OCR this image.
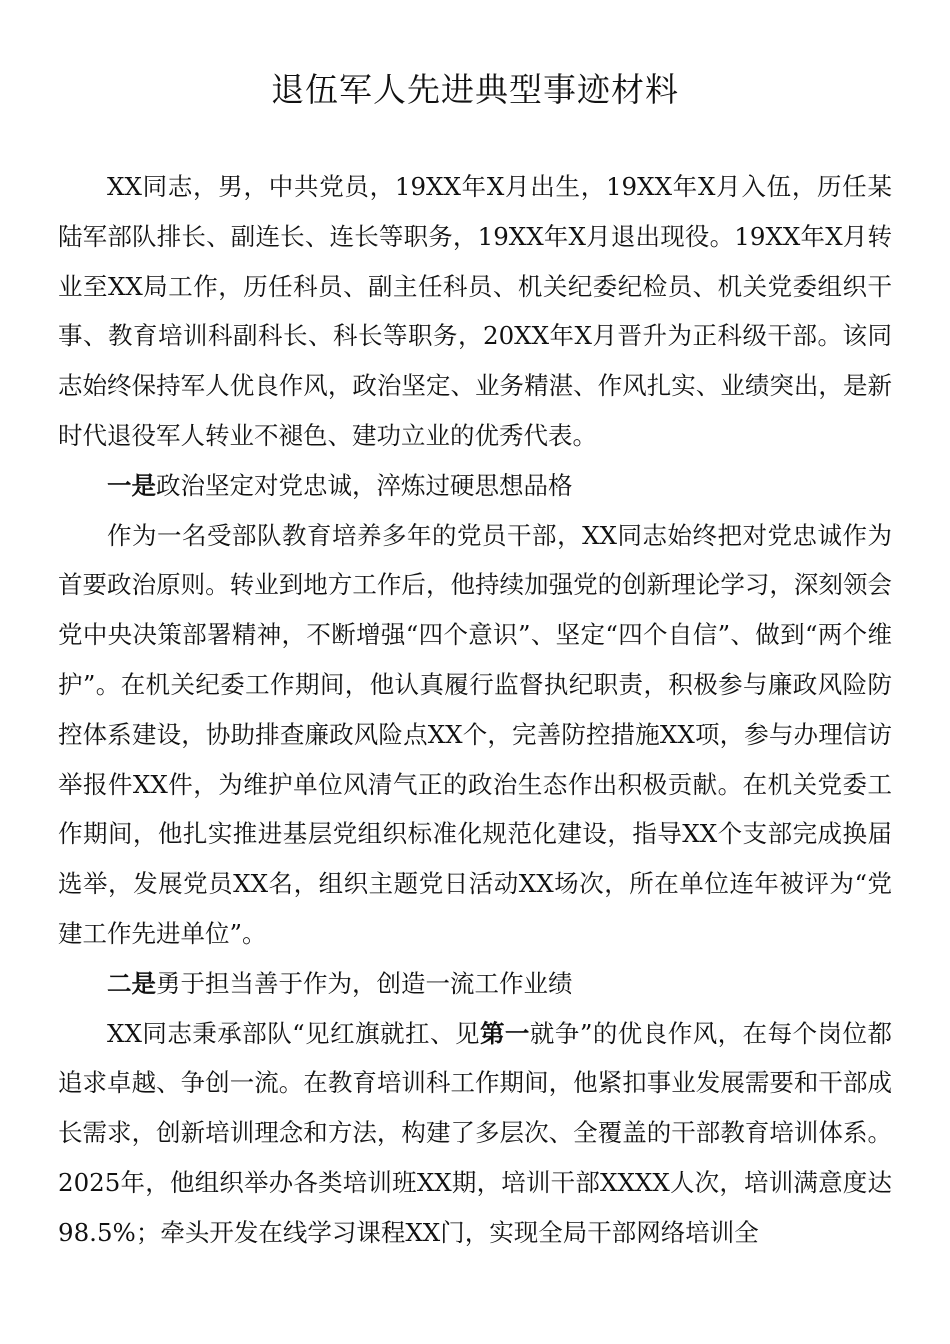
退伍军人先进典型事迹材料

XX同志，男，中共党员，19XX年X月出生，19XX年X月入伍，历任某陆军部队排长、副连长、连长等职务，19XX年X月退出现役。19XX年X月转业至XX局工作，历任科员、副主任科员、机关纪委纪检员、机关党委组织干事、教育培训科副科长、科长等职务，20XX年X月晋升为正科级干部。该同志始终保持军人优良作风，政治坚定、业务精湛、作风扎实、业绩突出，是新时代退役军人转业不褪色、建功立业的优秀代表。

一是政治坚定对党忠诚，淬炼过硬思想品格

作为一名受部队教育培养多年的党员干部，XX同志始终把对党忠诚作为首要政治原则。转业到地方工作后，他持续加强党的创新理论学习，深刻领会党中央决策部署精神，不断增强“四个意识”、坚定“四个自信”、做到“两个维护”。在机关纪委工作期间，他认真履行监督执纪职责，积极参与廉政风险防控体系建设，协助排查廉政风险点XX个，完善防控措施XX项，参与办理信访举报件XX件，为维护单位风清气正的政治生态作出积极贡献。在机关党委工作期间，他扎实推进基层党组织标准化规范化建设，指导XX个支部完成换届选举，发展党员XX名，组织主题党日活动XX场次，所在单位连年被评为“党建工作先进单位”。

二是勇于担当善于作为，创造一流工作业绩

XX同志秉承部队“见红旗就扛、见第一就争”的优良作风，在每个岗位都追求卓越、争创一流。在教育培训科工作期间，他紧扣事业发展需要和干部成长需求，创新培训理念和方法，构建了多层次、全覆盖的干部教育培训体系。2025年，他组织举办各类培训班XX期，培训干部XXXX人次，培训满意度达98.5%；牵头开发在线学习课程XX门，实现全局干部网络培训全
